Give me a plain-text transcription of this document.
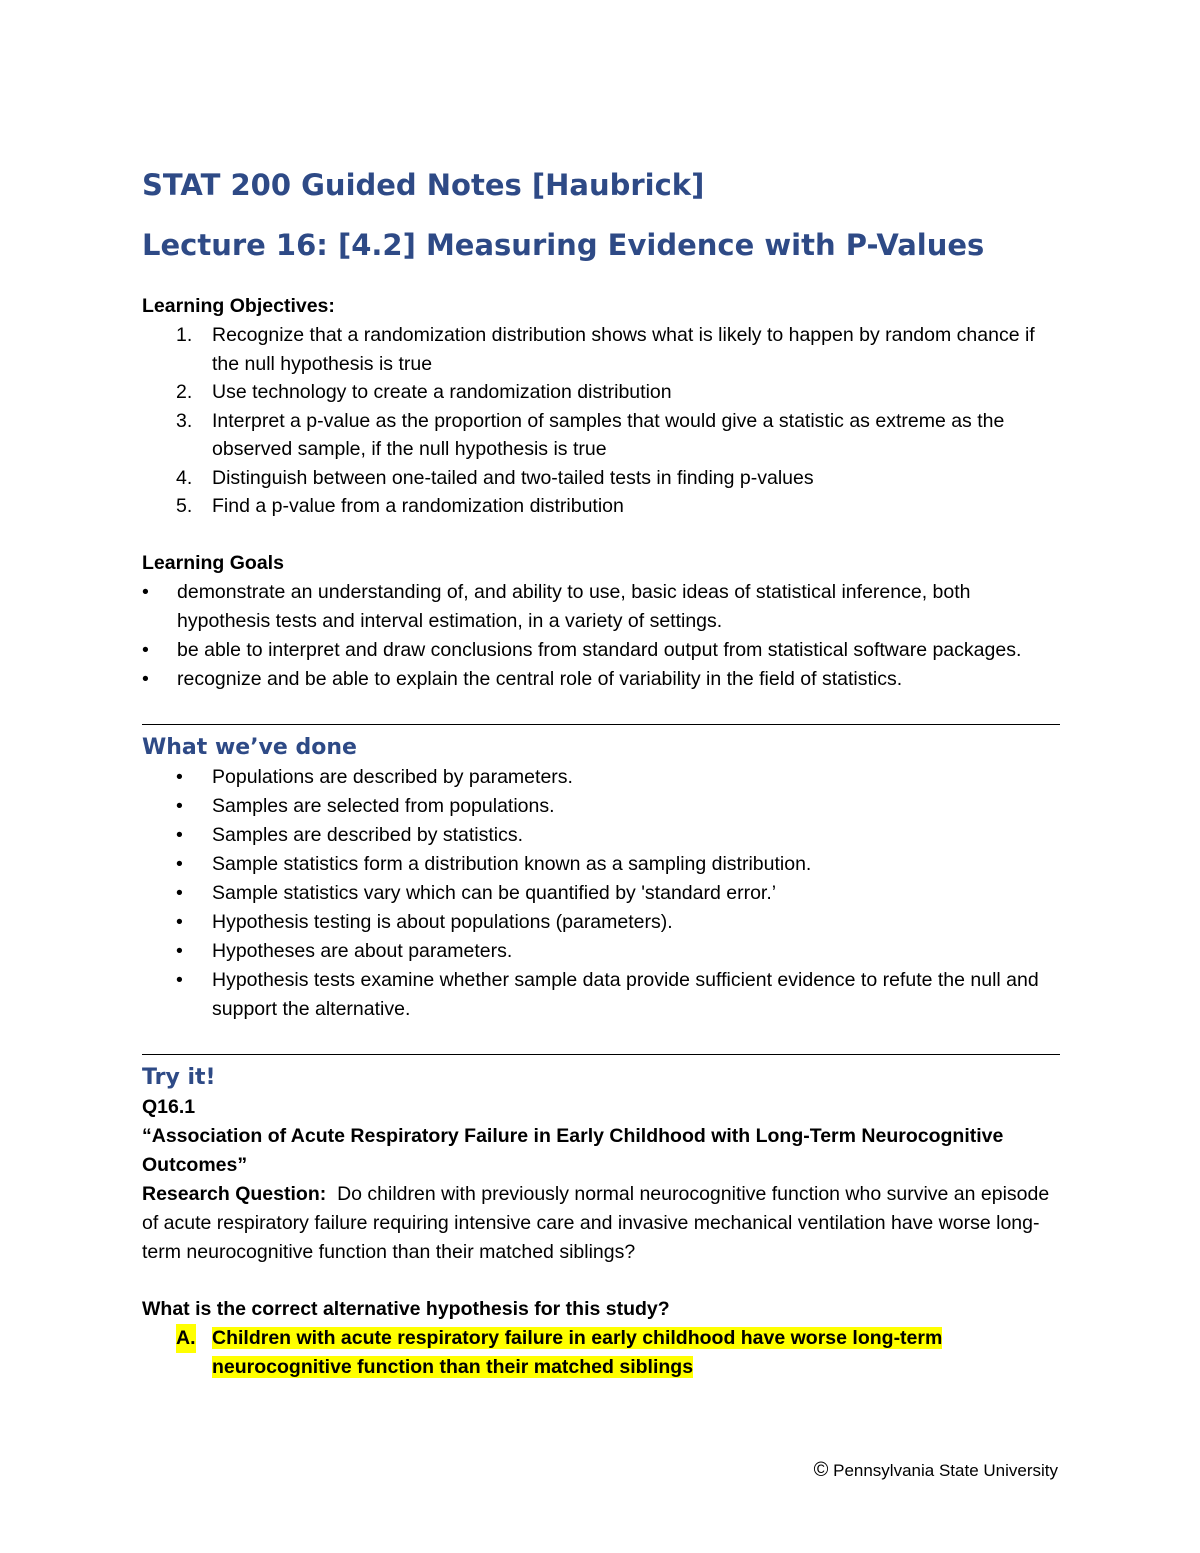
STAT 200 Guided Notes [Haubrick]
Lecture 16: [4.2] Measuring Evidence with P-Values
Learning Objectives:
1. Recognize that a randomization distribution shows what is likely to happen by random chance if the null hypothesis is true
2. Use technology to create a randomization distribution
3. Interpret a p-value as the proportion of samples that would give a statistic as extreme as the observed sample, if the null hypothesis is true
4. Distinguish between one-tailed and two-tailed tests in finding p-values
5. Find a p-value from a randomization distribution
Learning Goals
• demonstrate an understanding of, and ability to use, basic ideas of statistical inference, both hypothesis tests and interval estimation, in a variety of settings.
• be able to interpret and draw conclusions from standard output from statistical software packages.
• recognize and be able to explain the central role of variability in the field of statistics.
What we’ve done
• Populations are described by parameters.
• Samples are selected from populations.
• Samples are described by statistics.
• Sample statistics form a distribution known as a sampling distribution.
• Sample statistics vary which can be quantified by 'standard error.’
• Hypothesis testing is about populations (parameters).
• Hypotheses are about parameters.
• Hypothesis tests examine whether sample data provide sufficient evidence to refute the null and support the alternative.
Try it!
Q16.1
“Association of Acute Respiratory Failure in Early Childhood with Long-Term Neurocognitive Outcomes”
Research Question: Do children with previously normal neurocognitive function who survive an episode of acute respiratory failure requiring intensive care and invasive mechanical ventilation have worse long-term neurocognitive function than their matched siblings?
What is the correct alternative hypothesis for this study?
A. Children with acute respiratory failure in early childhood have worse long-term neurocognitive function than their matched siblings
© Pennsylvania State University
